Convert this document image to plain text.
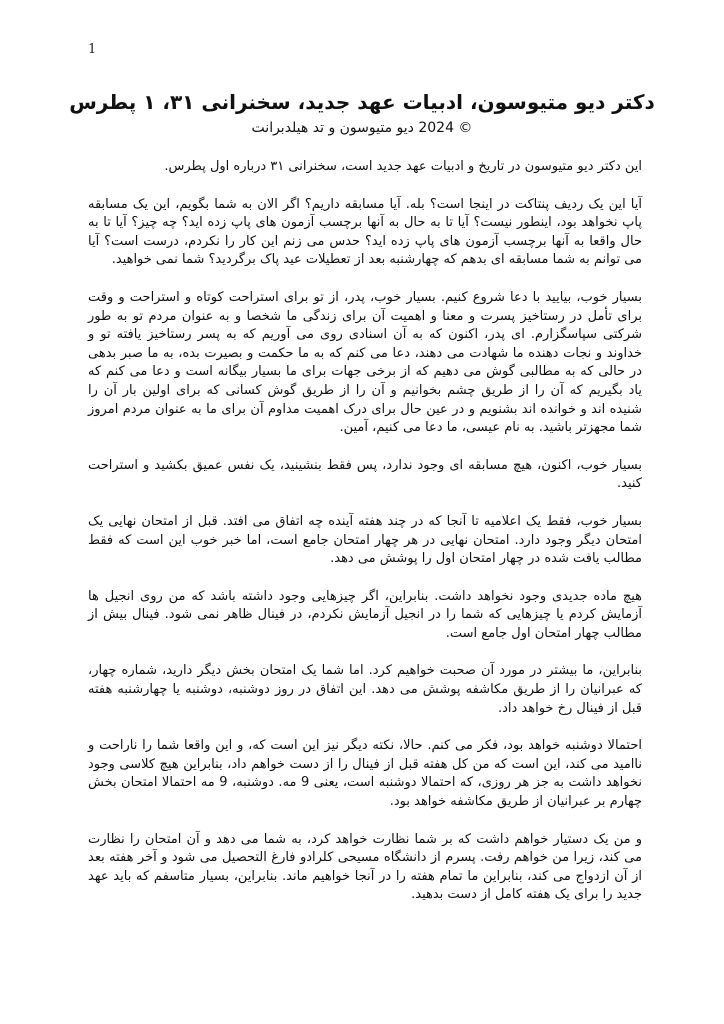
1
دکتر دیو متیوسون، ادبیات عهد جدید، سخنرانی ۳۱، ۱ پطرس
© 2024 دیو متیوسون و تد هیلدبرانت

این دکتر دیو متیوسون در تاریخ و ادبیات عهد جدید است، سخنرانی ۳۱ درباره اول پطرس.

آیا این یک ردیف پنتاکت در اینجا است؟ بله. آیا مسابقه داریم؟ اگر الان به شما بگویم، این یک مسابقه پاپ نخواهد بود، اینطور نیست؟ آیا تا به حال به آنها برچسب آزمون های پاپ زده اید؟ چه چیز؟ آیا تا به حال واقعا به آنها برچسب آزمون های پاپ زده اید؟ حدس می زنم این کار را نکردم، درست است؟ آیا می توانم به شما مسابقه ای بدهم که چهارشنبه بعد از تعطیلات عید پاک برگردید؟ شما نمی خواهید.

بسیار خوب، بیایید با دعا شروع کنیم. بسیار خوب، پدر، از تو برای استراحت کوتاه و استراحت و وقت برای تأمل در رستاخیز پسرت و معنا و اهمیت آن برای زندگی ما شخصا و به عنوان مردم تو به طور شرکتی سپاسگزارم. ای پدر، اکنون که به آن اسنادی روی می آوریم که به پسر رستاخیز یافته تو و خداوند و نجات دهنده ما شهادت می دهند، دعا می کنم که به ما حکمت و بصیرت بده، به ما صبر بدهی در حالی که به مطالبی گوش می دهیم که از برخی جهات برای ما بسیار بیگانه است و دعا می کنم که یاد بگیریم که آن را از طریق چشم بخوانیم و آن را از طریق گوش کسانی که برای اولین بار آن را شنیده اند و خوانده اند بشنویم و در عین حال برای درک اهمیت مداوم آن برای ما به عنوان مردم امروز شما مجهزتر باشید. به نام عیسی، ما دعا می کنیم، آمین.

بسیار خوب، اکنون، هیچ مسابقه ای وجود ندارد، پس فقط بنشینید، یک نفس عمیق بکشید و استراحت کنید.

بسیار خوب، فقط یک اعلامیه تا آنجا که در چند هفته آینده چه اتفاق می افتد. قبل از امتحان نهایی یک امتحان دیگر وجود دارد. امتحان نهایی در هر چهار امتحان جامع است، اما خبر خوب این است که فقط مطالب یافت شده در چهار امتحان اول را پوشش می دهد.

هیچ ماده جدیدی وجود نخواهد داشت. بنابراین، اگر چیزهایی وجود داشته باشد که من روی انجیل ها آزمایش کردم یا چیزهایی که شما را در انجیل آزمایش نکردم، در فینال ظاهر نمی شود. فینال بیش از مطالب چهار امتحان اول جامع است.

بنابراین، ما بیشتر در مورد آن صحبت خواهیم کرد. اما شما یک امتحان بخش دیگر دارید، شماره چهار، که عبرانیان را از طریق مکاشفه پوشش می دهد. این اتفاق در روز دوشنبه، دوشنبه یا چهارشنبه هفته قبل از فینال رخ خواهد داد.

احتمالا دوشنبه خواهد بود، فکر می کنم. حالا، نکته دیگر نیز این است که، و این واقعا شما را ناراحت و ناامید می کند، این است که من کل هفته قبل از فینال را از دست خواهم داد، بنابراین هیچ کلاسی وجود نخواهد داشت به جز هر روزی، که احتمالا دوشنبه است، یعنی 9 مه. دوشنبه، 9 مه احتمالا امتحان بخش چهارم بر عبرانیان از طریق مکاشفه خواهد بود.

و من یک دستیار خواهم داشت که بر شما نظارت خواهد کرد، به شما می دهد و آن امتحان را نظارت می کند، زیرا من خواهم رفت. پسرم از دانشگاه مسیحی کلرادو فارغ التحصیل می شود و آخر هفته بعد از آن ازدواج می کند، بنابراین ما تمام هفته را در آنجا خواهیم ماند. بنابراین، بسیار متاسفم که باید عهد جدید را برای یک هفته کامل از دست بدهید.
